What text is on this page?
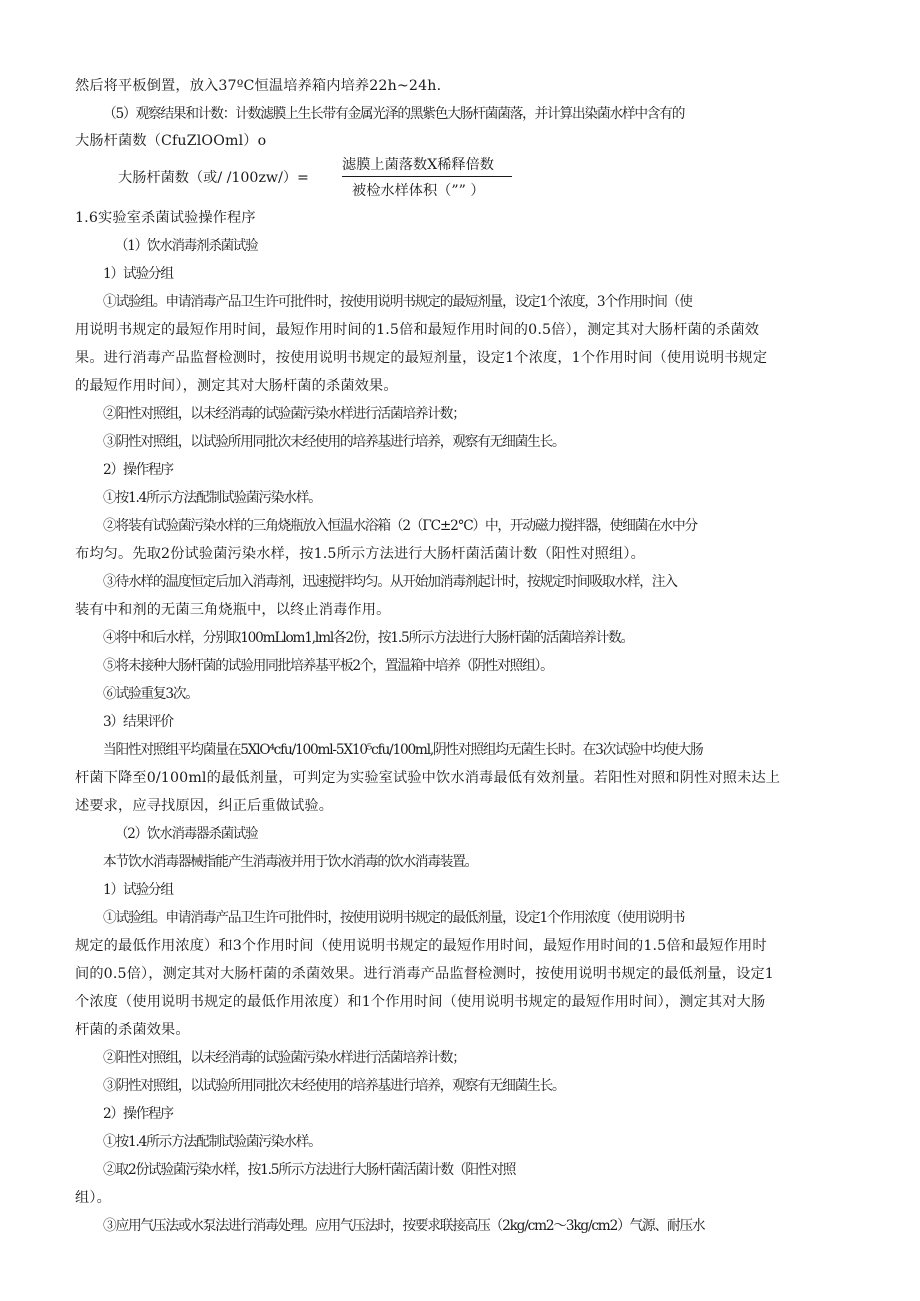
然后将平板倒置，放入37ºC恒温培养箱内培养22h~24h.
（5）观察结果和计数：计数滤膜上生长带有金属光泽的黑紫色大肠杆菌菌落，并计算出染菌水样中含有的
大肠杆菌数（CfuZlOOml）o
大肠杆菌数（或/ /100zw/）=
滤膜上菌落数X稀释倍数
被检水样体积（”” ）
1.6实验室杀菌试验操作程序
（1）饮水消毒剂杀菌试验
1）试验分组
①试验组。申请消毒产品卫生许可批件时，按使用说明书规定的最短剂量，设定1个浓度，3个作用时间（使
用说明书规定的最短作用时间，最短作用时间的1.5倍和最短作用时间的0.5倍），测定其对大肠杆菌的杀菌效
果。进行消毒产品监督检测时，按使用说明书规定的最短剂量，设定1个浓度，1个作用时间（使用说明书规定
的最短作用时间），测定其对大肠杆菌的杀菌效果。
②阳性对照组，以未经消毒的试验菌污染水样进行活菌培养计数；
③阴性对照组，以试验所用同批次未经使用的培养基进行培养，观察有无细菌生长。
2）操作程序
①按1.4所示方法配制试验菌污染水样。
②将装有试验菌污染水样的三角烧瓶放入恒温水浴箱（2（ΓC±2°C）中，开动磁力搅拌器，使细菌在水中分
布均匀。先取2份试验菌污染水样，按1.5所示方法进行大肠杆菌活菌计数（阳性对照组）。
③待水样的温度恒定后加入消毒剂，迅速搅拌均匀。从开始加消毒剂起计时，按规定时间吸取水样，注入
装有中和剂的无菌三角烧瓶中，以终止消毒作用。
④将中和后水样，分别取100mLlom1,lml各2份，按1.5所示方法进行大肠杆菌的活菌培养计数。
⑤将未接种大肠杆菌的试验用同批培养基平板2个，置温箱中培养（阴性对照组）。
⑥试验重复3次。
3）结果评价
当阳性对照组平均菌量在5XlO⁴cfu/100ml-5X10⁵cfu∕100ml,阴性对照组均无菌生长时。在3次试验中均使大肠
杆菌下降至0/100ml的最低剂量，可判定为实验室试验中饮水消毒最低有效剂量。若阳性对照和阴性对照未达上
述要求，应寻找原因，纠正后重做试验。
（2）饮水消毒器杀菌试验
本节饮水消毒器械指能产生消毒液并用于饮水消毒的饮水消毒装置。
1）试验分组
①试验组。申请消毒产品卫生许可批件时，按使用说明书规定的最低剂量，设定1个作用浓度（使用说明书
规定的最低作用浓度）和3个作用时间（使用说明书规定的最短作用时间，最短作用时间的1.5倍和最短作用时
间的0.5倍），测定其对大肠杆菌的杀菌效果。进行消毒产品监督检测时，按使用说明书规定的最低剂量，设定1
个浓度（使用说明书规定的最低作用浓度）和1个作用时间（使用说明书规定的最短作用时间），测定其对大肠
杆菌的杀菌效果。
②阳性对照组，以未经消毒的试验菌污染水样进行活菌培养计数；
③阴性对照组，以试验所用同批次未经使用的培养基进行培养，观察有无细菌生长。
2）操作程序
①按1.4所示方法配制试验菌污染水样。
②取2份试验菌污染水样，按1.5所示方法进行大肠杆菌活菌计数（阳性对照
组）。
③应用气压法或水泵法进行消毒处理。应用气压法时，按要求联接高压（2kg∕cm2～3kg∕cm2）气源、耐压水
